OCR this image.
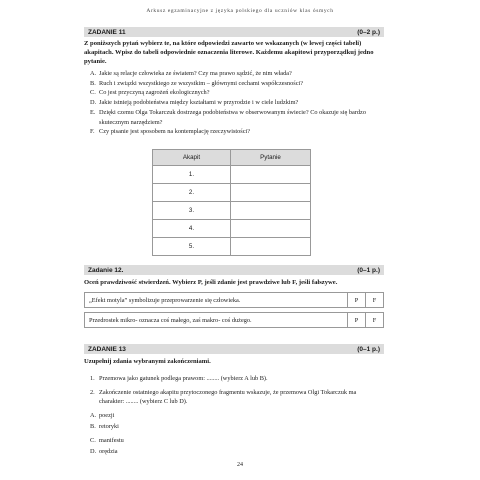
Arkusz egzaminacyjne z języka polskiego dla uczniów klas ósmych
ZADANIE 11	(0–2 p.)
Z poniższych pytań wybierz te, na które odpowiedzi zawarto we wskazanych (w lewej części tabeli) akapitach. Wpisz do tabeli odpowiednie oznaczenia literowe. Każdemu akapitowi przyporządkuj jedno pytanie.
A. Jakie są relacje człowieka ze światem? Czy ma prawo sądzić, że nim włada?
B. Ruch i związki wszystkiego ze wszystkim – głównymi cechami współczesności?
C. Co jest przyczyną zagrożeń ekologicznych?
D. Jakie istnieją podobieństwa między kształtami w przyrodzie i w ciele ludzkim?
E. Dzięki czemu Olga Tokarczuk dostrzega podobieństwa w obserwowanym świecie? Co okazuje się bardzo skutecznym narzędziem?
F. Czy pisanie jest sposobem na kontemplację rzeczywistości?
Akapit	Pytanie
1.	
2.	
3.	
4.	
5.	
Zadanie 12.	(0–1 p.)
Oceń prawdziwość stwierdzeń. Wybierz P, jeśli zdanie jest prawdziwe lub F, jeśli fałszywe.
„Efekt motyla” symbolizuje przeprowarzenie się człowieka.	P	F
Przedrostek mikro- oznacza coś małego, zaś makro- coś dużego.	P	F
ZADANIE 13	(0–1 p.)
Uzupełnij zdania wybranymi zakończeniami.
1. Przemowa jako gatunek podlega prawom: ........ (wybierz A lub B).
2. Zakończenie ostatniego akapitu przytoczonego fragmentu wskazuje, że przemowa Olgi Tokarczuk ma charakter: ........ (wybierz C lub D).
A. poezji
B. retoryki
C. manifestu
D. orędzia
24
